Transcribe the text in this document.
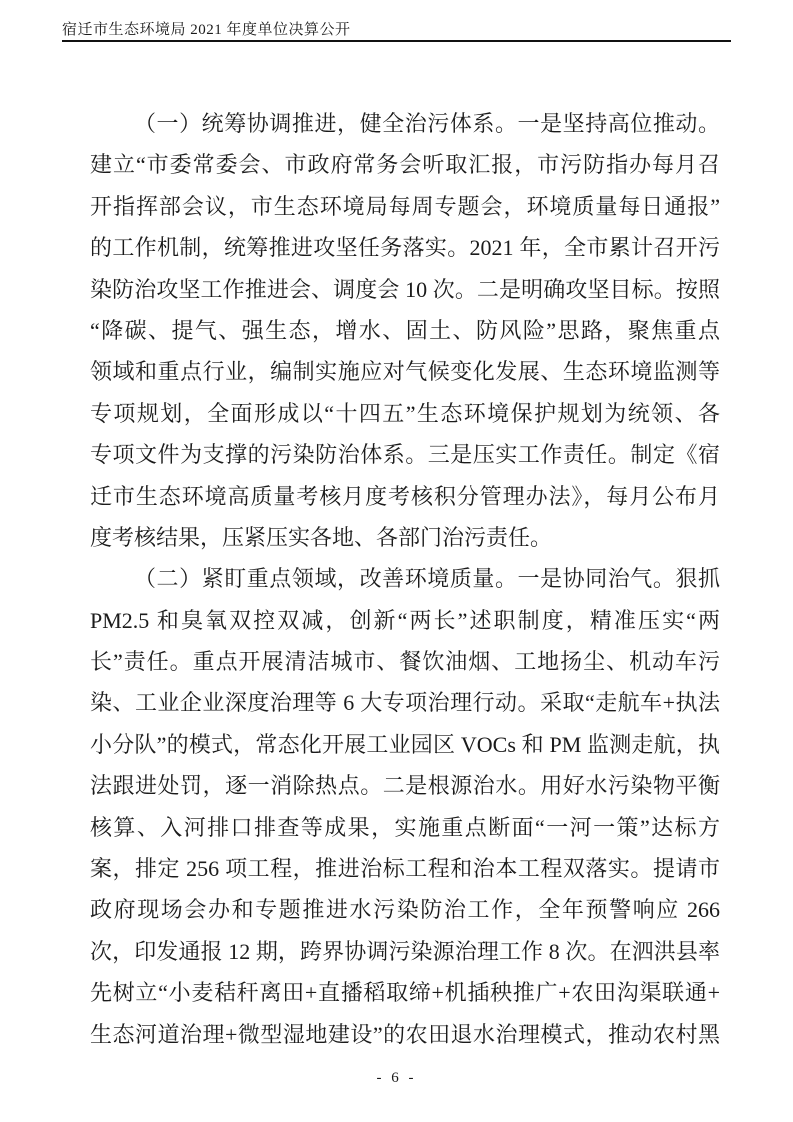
宿迁市生态环境局 2021 年度单位决算公开
（一）统筹协调推进，健全治污体系。一是坚持高位推动。
建立“市委常委会、市政府常务会听取汇报，市污防指办每月召
开指挥部会议，市生态环境局每周专题会，环境质量每日通报”
的工作机制，统筹推进攻坚任务落实。2021 年，全市累计召开污
染防治攻坚工作推进会、调度会 10 次。二是明确攻坚目标。按照
“降碳、提气、强生态，增水、固土、防风险”思路，聚焦重点
领域和重点行业，编制实施应对气候变化发展、生态环境监测等
专项规划，全面形成以“十四五”生态环境保护规划为统领、各
专项文件为支撑的污染防治体系。三是压实工作责任。制定《宿
迁市生态环境高质量考核月度考核积分管理办法》，每月公布月
度考核结果，压紧压实各地、各部门治污责任。
（二）紧盯重点领域，改善环境质量。一是协同治气。狠抓
PM2.5 和臭氧双控双减，创新“两长”述职制度，精准压实“两
长”责任。重点开展清洁城市、餐饮油烟、工地扬尘、机动车污
染、工业企业深度治理等 6 大专项治理行动。采取“走航车+执法
小分队”的模式，常态化开展工业园区 VOCs 和 PM 监测走航，执
法跟进处罚，逐一消除热点。二是根源治水。用好水污染物平衡
核算、入河排口排查等成果，实施重点断面“一河一策”达标方
案，排定 256 项工程，推进治标工程和治本工程双落实。提请市
政府现场会办和专题推进水污染防治工作，全年预警响应 266
次，印发通报 12 期，跨界协调污染源治理工作 8 次。在泗洪县率
先树立“小麦秸秆离田+直播稻取缔+机插秧推广+农田沟渠联通+
生态河道治理+微型湿地建设”的农田退水治理模式，推动农村黑
- 6 -
